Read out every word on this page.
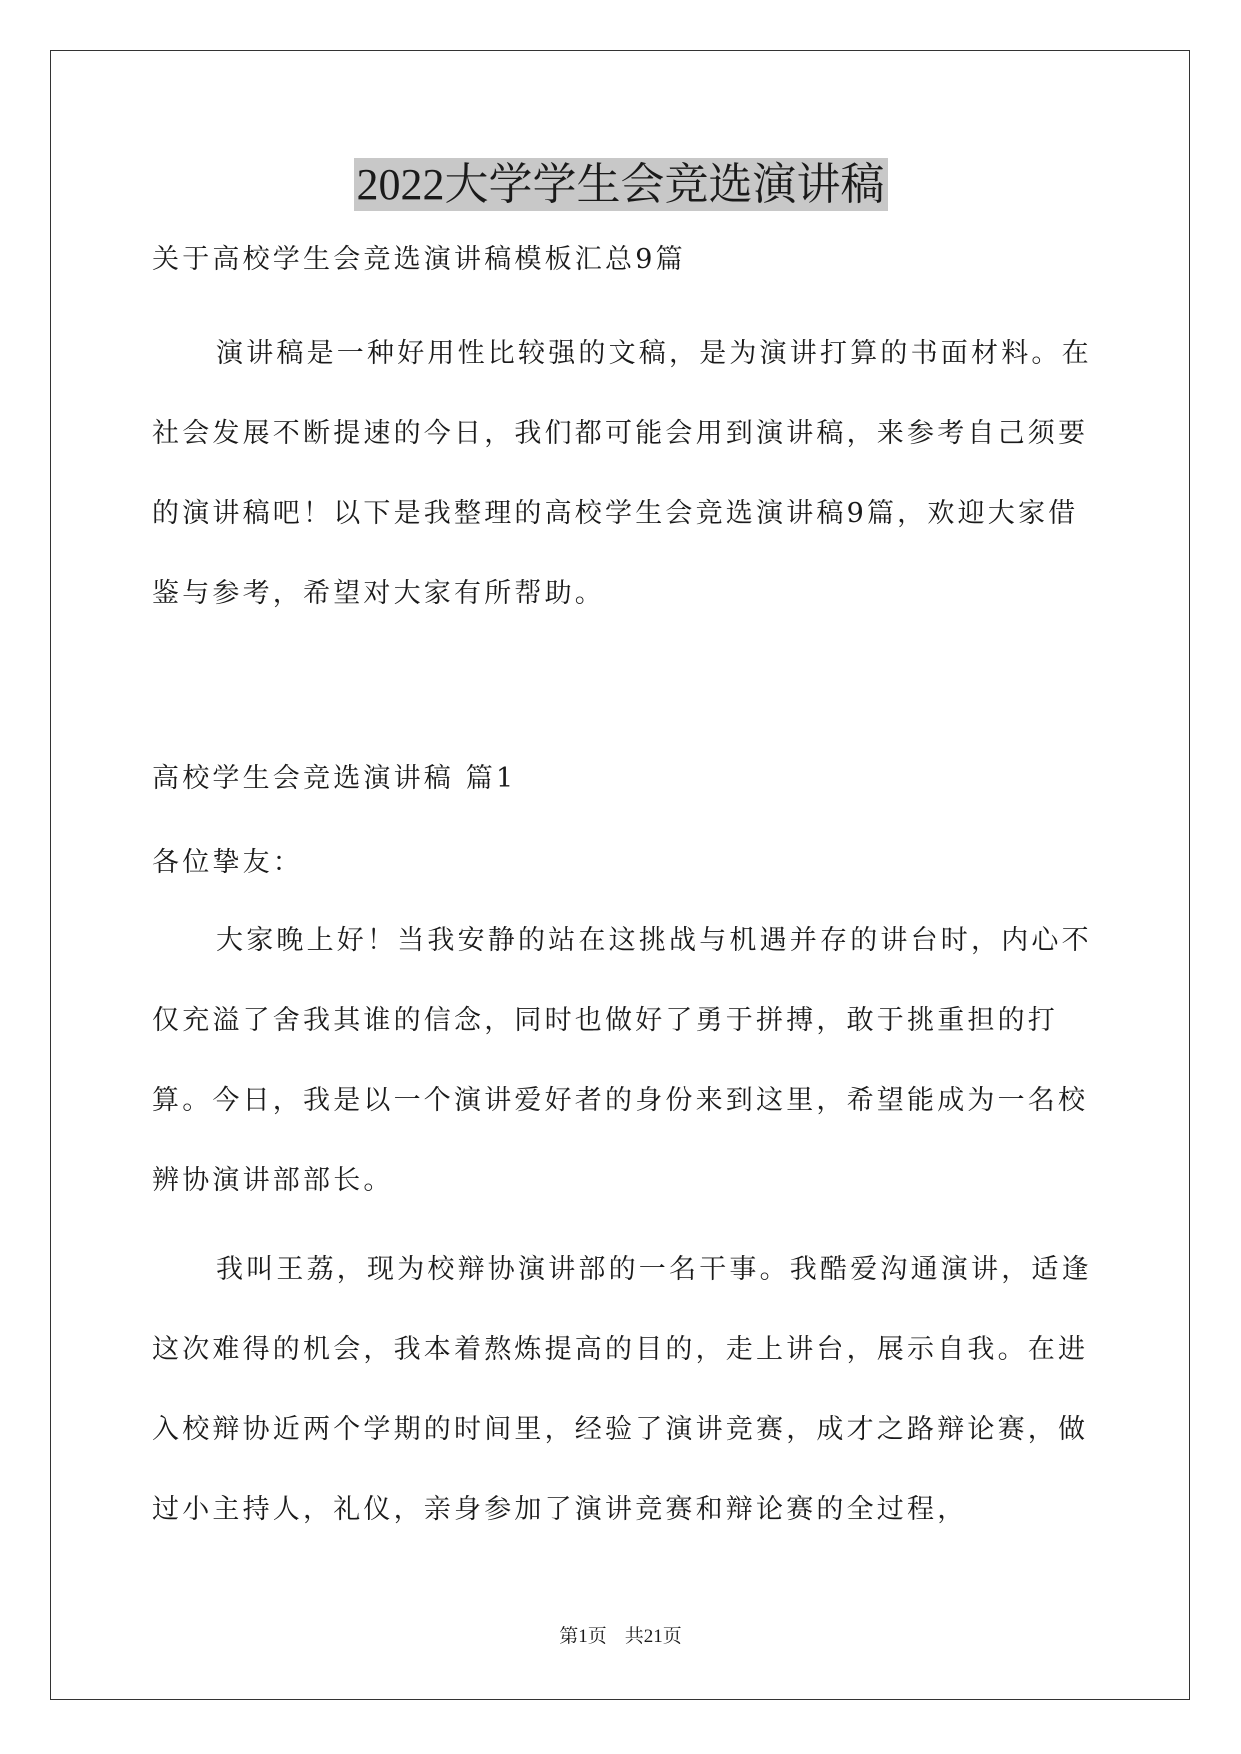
2022大学学生会竞选演讲稿

关于高校学生会竞选演讲稿模板汇总9篇

演讲稿是一种好用性比较强的文稿，是为演讲打算的书面材料。在社会发展不断提速的今日，我们都可能会用到演讲稿，来参考自己须要的演讲稿吧！以下是我整理的高校学生会竞选演讲稿9篇，欢迎大家借鉴与参考，希望对大家有所帮助。

高校学生会竞选演讲稿 篇1

各位挚友：

大家晚上好！当我安静的站在这挑战与机遇并存的讲台时，内心不仅充溢了舍我其谁的信念，同时也做好了勇于拼搏，敢于挑重担的打算。今日，我是以一个演讲爱好者的身份来到这里，希望能成为一名校辨协演讲部部长。

我叫王荔，现为校辩协演讲部的一名干事。我酷爱沟通演讲，适逢这次难得的机会，我本着熬炼提高的目的，走上讲台，展示自我。在进入校辩协近两个学期的时间里，经验了演讲竞赛，成才之路辩论赛，做过小主持人，礼仪，亲身参加了演讲竞赛和辩论赛的全过程，

第1页 共21页
